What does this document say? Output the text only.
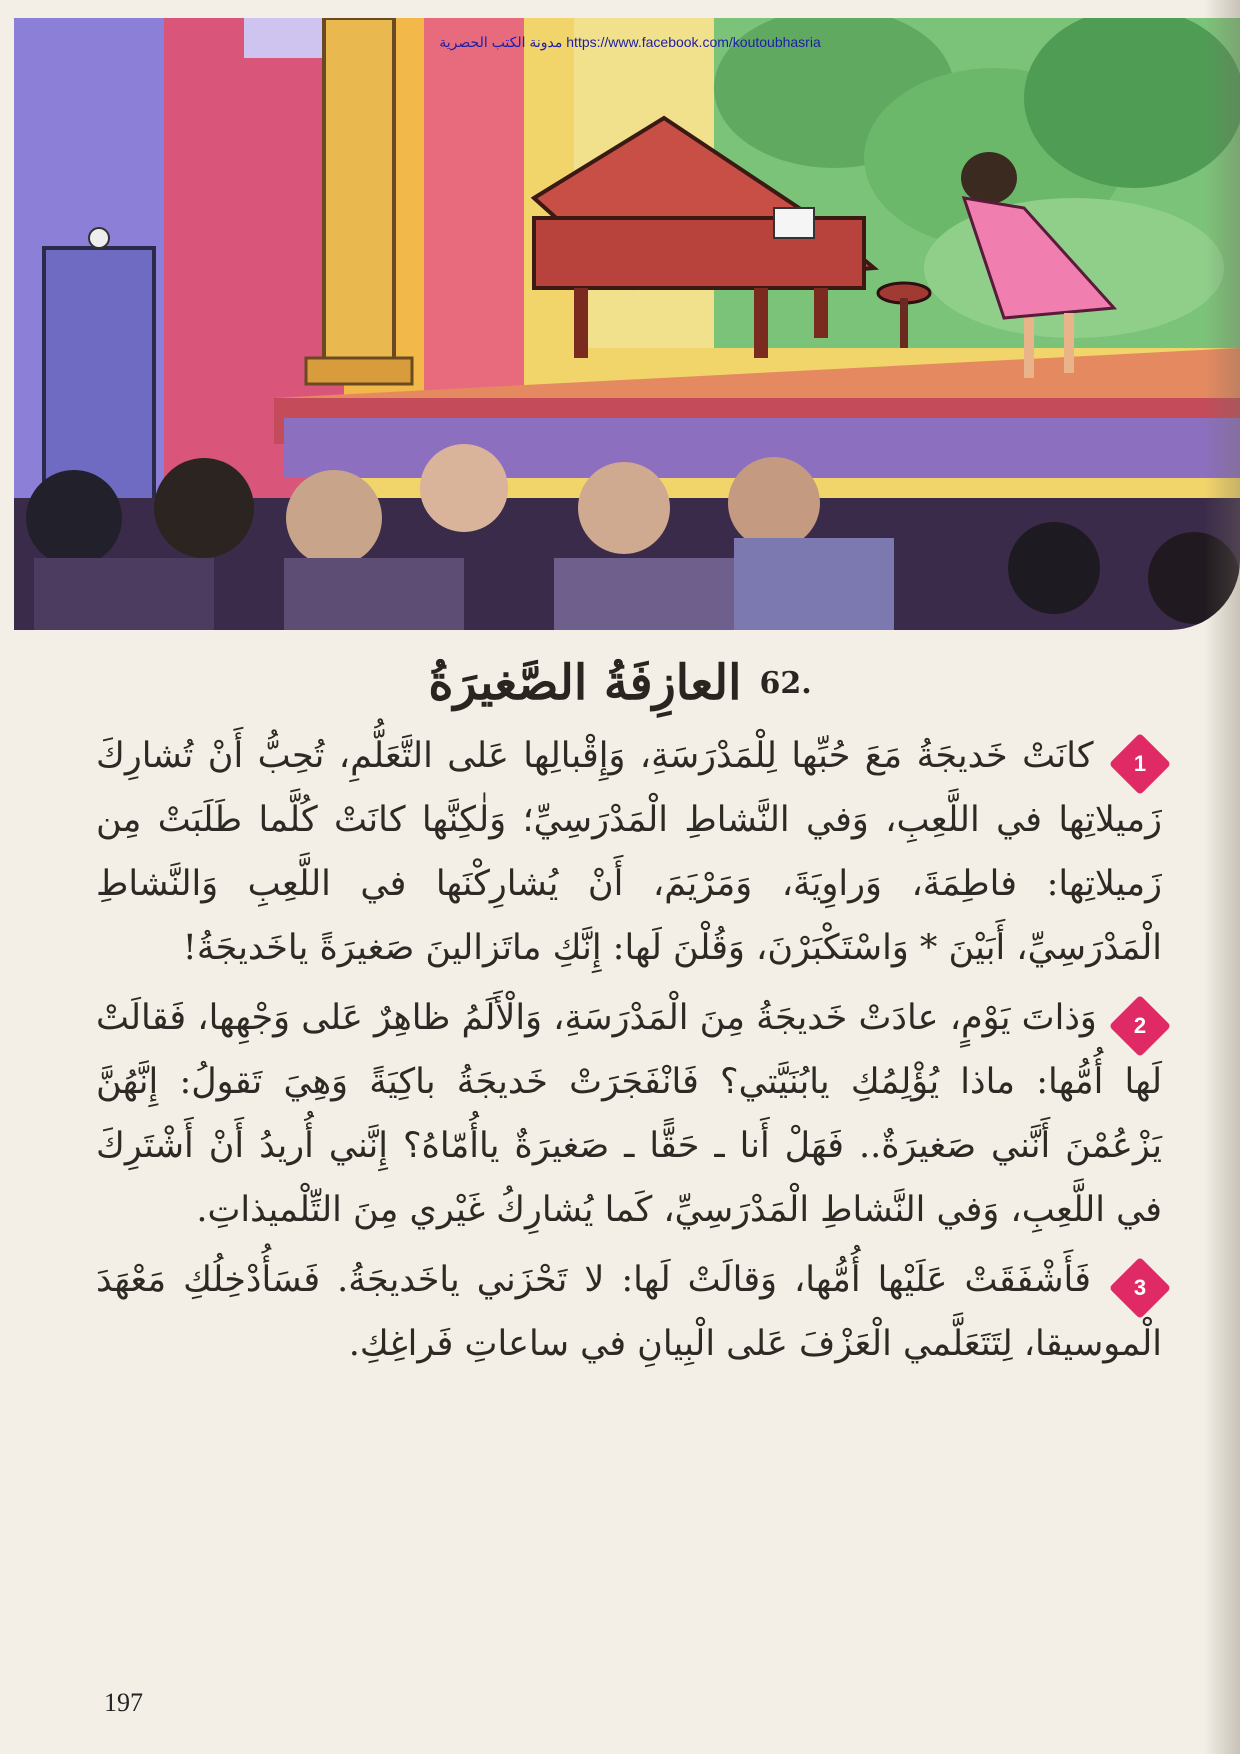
مدونة الكتب الحصرية https://www.facebook.com/koutoubhasria
العازِفَةُ الصَّغيرَةُ 62.

1
كانَتْ خَديجَةُ مَعَ حُبِّها لِلْمَدْرَسَةِ، وَإِقْبالِها عَلى التَّعَلُّمِ، تُحِبُّ أَنْ تُشارِكَ زَميلاتِها في اللَّعِبِ، وَفي النَّشاطِ الْمَدْرَسِيِّ؛ وَلٰكِنَّها كانَتْ كُلَّما طَلَبَتْ مِن زَميلاتِها: فاطِمَةَ، وَراوِيَةَ، وَمَرْيَمَ، أَنْ يُشارِكْنَها في اللَّعِبِ وَالنَّشاطِ الْمَدْرَسِيِّ، أَبَيْنَ * وَاسْتَكْبَرْنَ، وَقُلْنَ لَها: إِنَّكِ ماتَزالينَ صَغيرَةً ياخَديجَةُ!

2
وَذاتَ يَوْمٍ، عادَتْ خَديجَةُ مِنَ الْمَدْرَسَةِ، وَالْأَلَمُ ظاهِرٌ عَلى وَجْهِها، فَقالَتْ لَها أُمُّها: ماذا يُؤْلِمُكِ يابُنَيَّتي؟ فَانْفَجَرَتْ خَديجَةُ باكِيَةً وَهِيَ تَقولُ: إِنَّهُنَّ يَزْعُمْنَ أَنَّني صَغيرَةٌ.. فَهَلْ أَنا ـ حَقًّا ـ صَغيرَةٌ ياأُمّاهُ؟ إِنَّني أُريدُ أَنْ أَشْتَرِكَ في اللَّعِبِ، وَفي النَّشاطِ الْمَدْرَسِيِّ، كَما يُشارِكُ غَيْري مِنَ التِّلْميذاتِ.

3
فَأَشْفَقَتْ عَلَيْها أُمُّها، وَقالَتْ لَها: لا تَحْزَني ياخَديجَةُ. فَسَأُدْخِلُكِ مَعْهَدَ الْموسيقا، لِتَتَعَلَّمي الْعَزْفَ عَلى الْبِيانِ في ساعاتِ فَراغِكِ.

197
